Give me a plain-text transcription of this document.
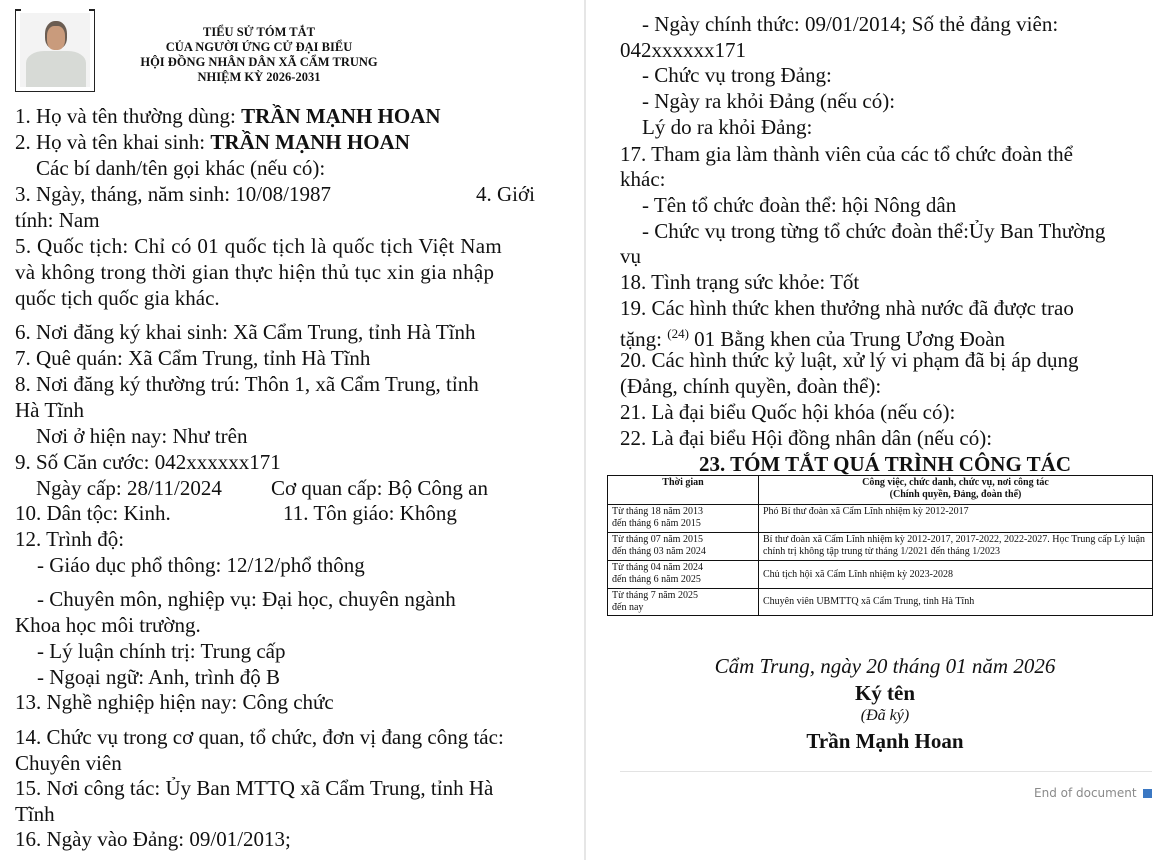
TIỂU SỬ TÓM TẮT
CỦA NGƯỜI ỨNG CỬ ĐẠI BIỂU
HỘI ĐỒNG NHÂN DÂN XÃ CẨM TRUNG
NHIỆM KỲ 2026-2031
1. Họ và tên thường dùng: TRẦN MẠNH HOAN
2. Họ và tên khai sinh: TRẦN MẠNH HOAN
Các bí danh/tên gọi khác (nếu có):
3. Ngày, tháng, năm sinh: 10/08/1987	4. Giới
tính: Nam
5. Quốc tịch: Chỉ có 01 quốc tịch là quốc tịch Việt Nam
và không trong thời gian thực hiện thủ tục xin gia nhập
quốc tịch quốc gia khác.
6. Nơi đăng ký khai sinh: Xã Cẩm Trung, tỉnh Hà Tĩnh
7. Quê quán: Xã Cẩm Trung, tỉnh Hà Tĩnh
8. Nơi đăng ký thường trú: Thôn 1, xã Cẩm Trung, tỉnh
Hà Tĩnh
Nơi ở hiện nay: Như trên
9. Số Căn cước: 042xxxxxx171
Ngày cấp: 28/11/2024 Cơ quan cấp: Bộ Công an
10. Dân tộc: Kinh.	11. Tôn giáo: Không
12. Trình độ:
- Giáo dục phổ thông: 12/12/phổ thông
- Chuyên môn, nghiệp vụ: Đại học, chuyên ngành
Khoa học môi trường.
- Lý luận chính trị: Trung cấp
- Ngoại ngữ: Anh, trình độ B
13. Nghề nghiệp hiện nay: Công chức
14. Chức vụ trong cơ quan, tổ chức, đơn vị đang công tác:
Chuyên viên
15. Nơi công tác: Ủy Ban MTTQ xã Cẩm Trung, tỉnh Hà
Tĩnh
16. Ngày vào Đảng: 09/01/2013;
- Ngày chính thức: 09/01/2014; Số thẻ đảng viên:
042xxxxxx171
- Chức vụ trong Đảng:
- Ngày ra khỏi Đảng (nếu có):
Lý do ra khỏi Đảng:
17. Tham gia làm thành viên của các tổ chức đoàn thể
khác:
- Tên tổ chức đoàn thể: hội Nông dân
- Chức vụ trong từng tổ chức đoàn thể:Ủy Ban Thường
vụ
18. Tình trạng sức khỏe: Tốt
19. Các hình thức khen thưởng nhà nước đã được trao
tặng: $^{(24)}$ 01 Bằng khen của Trung Ương Đoàn
20. Các hình thức kỷ luật, xử lý vi phạm đã bị áp dụng
(Đảng, chính quyền, đoàn thể):
21. Là đại biểu Quốc hội khóa (nếu có):
22. Là đại biểu Hội đồng nhân dân (nếu có):
23. TÓM TẮT QUÁ TRÌNH CÔNG TÁC
Thời gian	Công việc, chức danh, chức vụ, nơi công tác
(Chính quyền, Đảng, đoàn thể)

Từ tháng 18 năm 2013
đến tháng 6 năm 2015	Phó Bí thư đoàn xã Cẩm Lĩnh nhiệm kỳ 2012-2017

Từ tháng 07 năm 2015
đến tháng 03 năm 2024	Bí thư đoàn xã Cẩm Lĩnh nhiệm kỳ 2012-2017, 2017-2022, 2022-2027. Học Trung cấp Lý luận chính trị không tập trung từ tháng 1/2021 đến tháng 1/2023

Từ tháng 04 năm 2024
đến tháng 6 năm 2025	Chủ tịch hội xã Cẩm Lĩnh nhiệm kỳ 2023-2028

Từ tháng 7 năm 2025
đến nay	Chuyên viên UBMTTQ xã Cẩm Trung, tỉnh Hà Tĩnh
Cẩm Trung, ngày 20 tháng 01 năm 2026
Ký tên
(Đã ký)
Trần Mạnh Hoan
End of document
